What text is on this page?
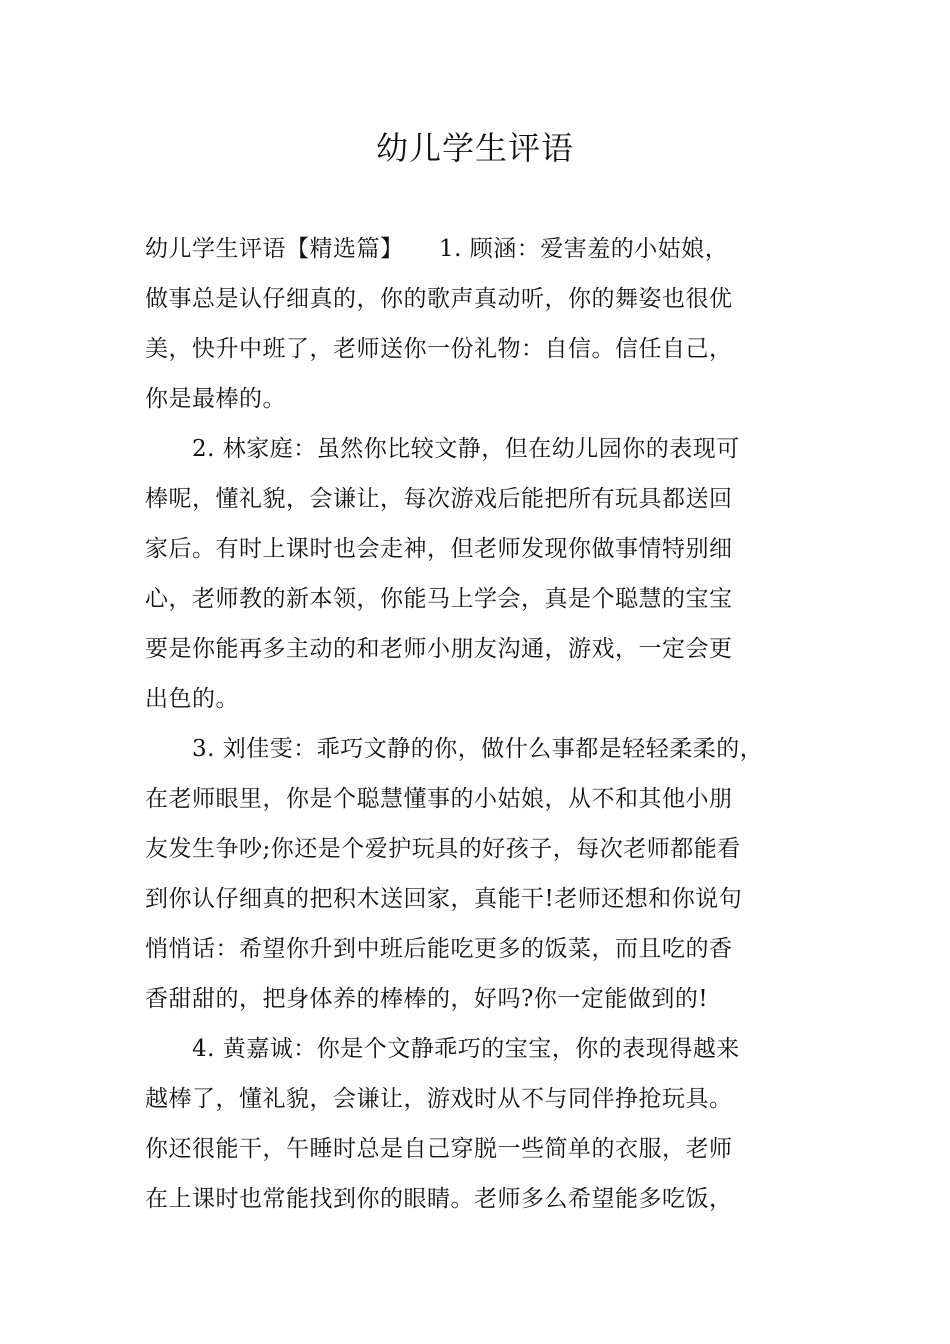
幼儿学生评语

幼儿学生评语【精选篇】　　1. 顾涵：爱害羞的小姑娘，

做事总是认仔细真的，你的歌声真动听，你的舞姿也很优

美，快升中班了，老师送你一份礼物：自信。信任自己，

你是最棒的。

　　2. 林家庭：虽然你比较文静，但在幼儿园你的表现可

棒呢，懂礼貌，会谦让，每次游戏后能把所有玩具都送回

家后。有时上课时也会走神，但老师发现你做事情特别细

心，老师教的新本领，你能马上学会，真是个聪慧的宝宝

要是你能再多主动的和老师小朋友沟通，游戏，一定会更

出色的。

　　3. 刘佳雯：乖巧文静的你，做什么事都是轻轻柔柔的，

在老师眼里，你是个聪慧懂事的小姑娘，从不和其他小朋

友发生争吵;你还是个爱护玩具的好孩子，每次老师都能看

到你认仔细真的把积木送回家，真能干!老师还想和你说句

悄悄话：希望你升到中班后能吃更多的饭菜，而且吃的香

香甜甜的，把身体养的棒棒的，好吗?你一定能做到的!

　　4. 黄嘉诚：你是个文静乖巧的宝宝，你的表现得越来

越棒了，懂礼貌，会谦让，游戏时从不与同伴挣抢玩具。

你还很能干，午睡时总是自己穿脱一些简单的衣服，老师

在上课时也常能找到你的眼睛。老师多么希望能多吃饭，
